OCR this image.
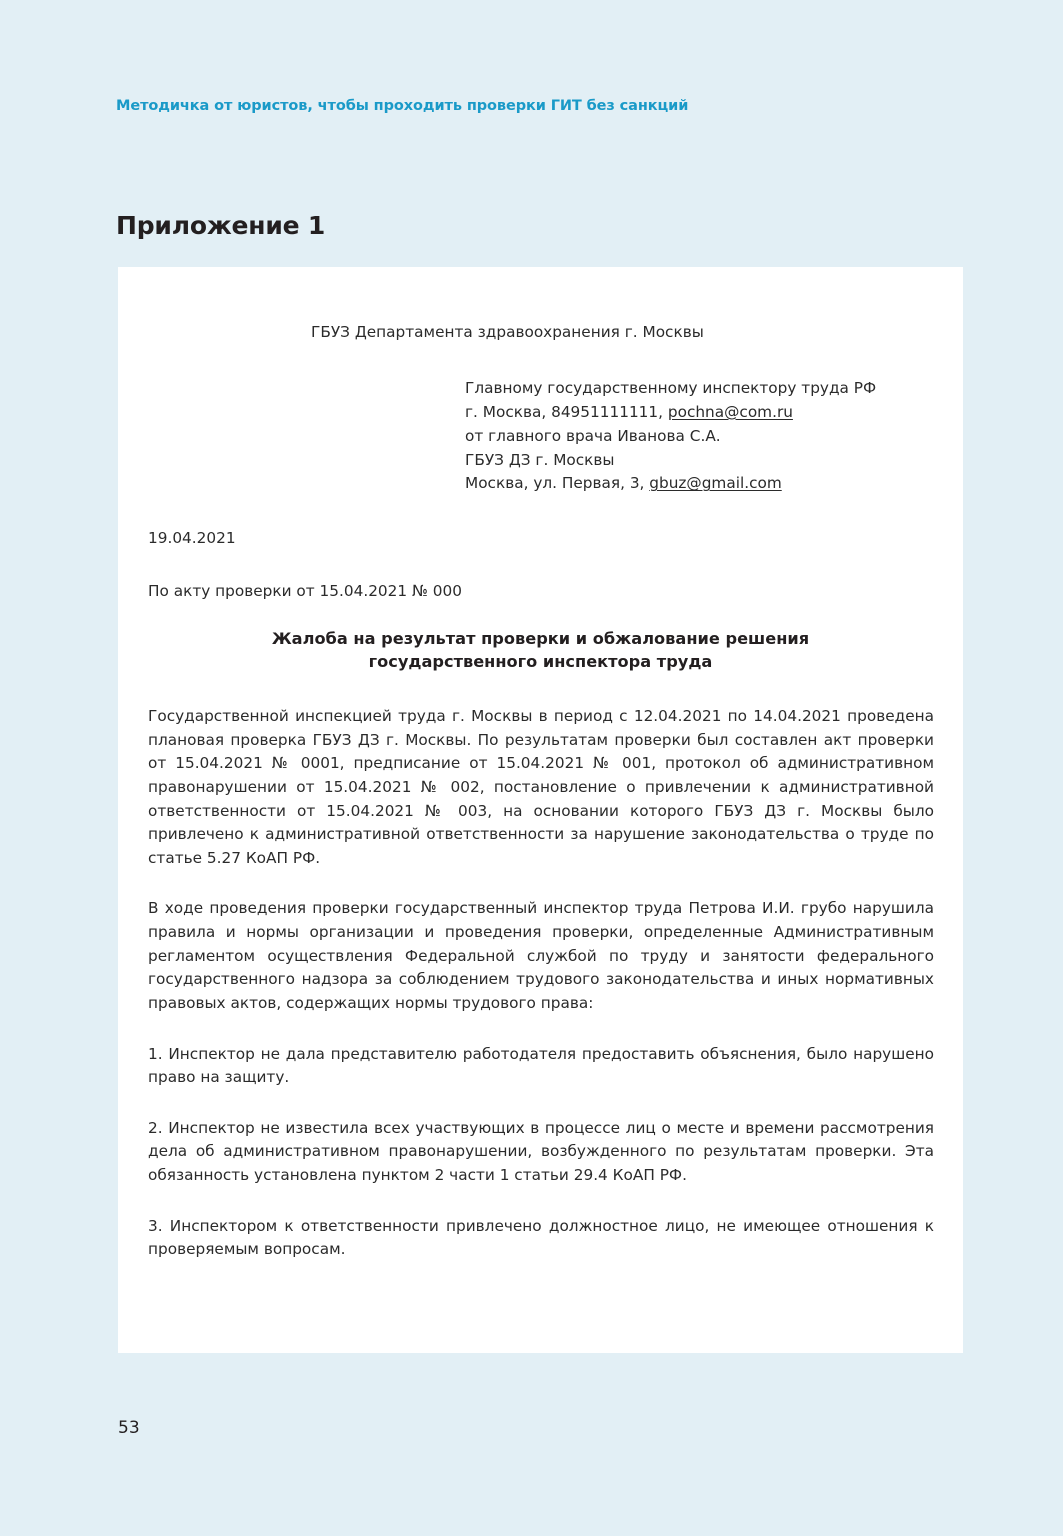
Методичка от юристов, чтобы проходить проверки ГИТ без санкций
Приложение 1
ГБУЗ Департамента здравоохранения г. Москвы
Главному государственному инспектору труда РФ
г. Москва, 84951111111, pochna@com.ru
от главного врача Иванова С.А.
ГБУЗ ДЗ г. Москвы
Москва, ул. Первая, 3, gbuz@gmail.com
19.04.2021
По акту проверки от 15.04.2021 № 000
Жалоба на результат проверки и обжалование решения
государственного инспектора труда

Государственной инспекцией труда г. Москвы в период с 12.04.2021 по 14.04.2021 проведена плановая проверка ГБУЗ ДЗ г. Москвы. По результатам проверки был составлен акт проверки от 15.04.2021 № 0001, предписание от 15.04.2021 № 001, протокол об административном правонарушении от 15.04.2021 № 002, постановление о привлечении к административной ответственности от 15.04.2021 № 003, на основании которого ГБУЗ ДЗ г. Москвы было привлечено к административной ответственности за нарушение законодательства о труде по статье 5.27 КоАП РФ.

В ходе проведения проверки государственный инспектор труда Петрова И.И. грубо нарушила правила и нормы организации и проведения проверки, определенные Административным регламентом осуществления Федеральной службой по труду и занятости федерального государственного надзора за соблюдением трудового законодательства и иных нормативных правовых актов, содержащих нормы трудового права:

1. Инспектор не дала представителю работодателя предоставить объяснения, было нарушено право на защиту.

2. Инспектор не известила всех участвующих в процессе лиц о месте и времени рассмотрения дела об административном правонарушении, возбужденного по результатам проверки. Эта обязанность установлена пунктом 2 части 1 статьи 29.4 КоАП РФ.

3. Инспектором к ответственности привлечено должностное лицо, не имеющее отношения к проверяемым вопросам.

53
